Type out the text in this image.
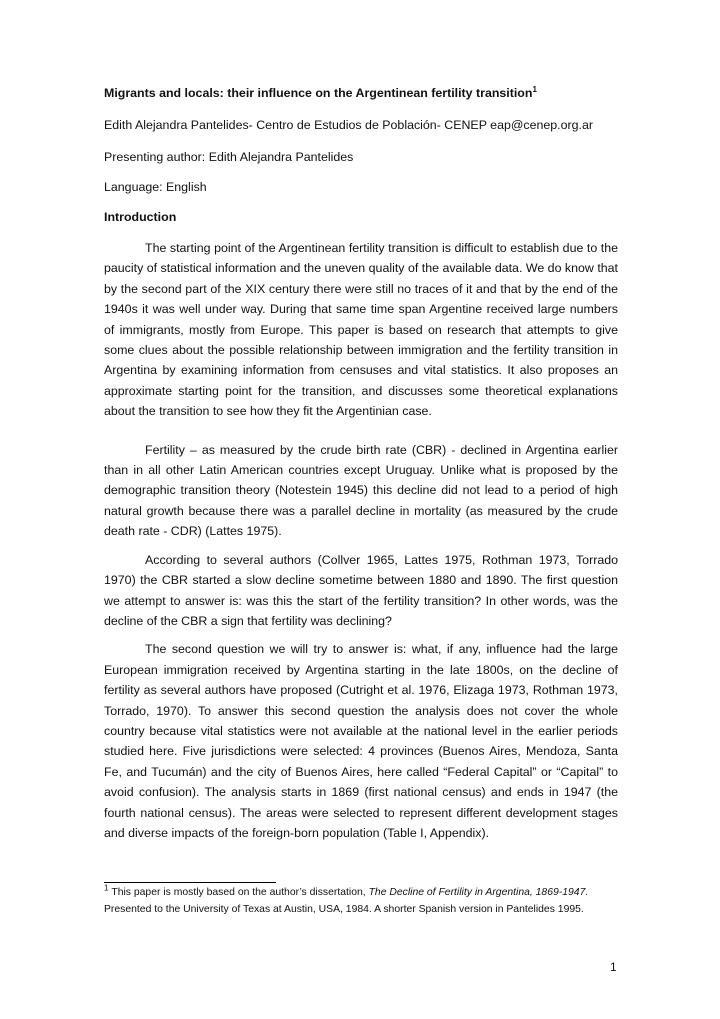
Migrants and locals: their influence on the Argentinean fertility transition$^1$
Edith Alejandra Pantelides- Centro de Estudios de Población- CENEP eap@cenep.org.ar
Presenting author: Edith Alejandra Pantelides
Language: English
Introduction

The starting point of the Argentinean fertility transition is difficult to establish due to the paucity of statistical information and the uneven quality of the available data. We do know that by the second part of the XIX century there were still no traces of it and that by the end of the 1940s it was well under way. During that same time span Argentine received large numbers of immigrants, mostly from Europe. This paper is based on research that attempts to give some clues about the possible relationship between immigration and the fertility transition in Argentina by examining information from censuses and vital statistics. It also proposes an approximate starting point for the transition, and discusses some theoretical explanations about the transition to see how they fit the Argentinian case.

Fertility – as measured by the crude birth rate (CBR) - declined in Argentina earlier than in all other Latin American countries except Uruguay. Unlike what is proposed by the demographic transition theory (Notestein 1945) this decline did not lead to a period of high natural growth because there was a parallel decline in mortality (as measured by the crude death rate - CDR) (Lattes 1975).

According to several authors (Collver 1965, Lattes 1975, Rothman 1973, Torrado 1970) the CBR started a slow decline sometime between 1880 and 1890. The first question we attempt to answer is: was this the start of the fertility transition? In other words, was the decline of the CBR a sign that fertility was declining?

The second question we will try to answer is: what, if any, influence had the large European immigration received by Argentina starting in the late 1800s, on the decline of fertility as several authors have proposed (Cutright et al. 1976, Elizaga 1973, Rothman 1973, Torrado, 1970). To answer this second question the analysis does not cover the whole country because vital statistics were not available at the national level in the earlier periods studied here. Five jurisdictions were selected: 4 provinces (Buenos Aires, Mendoza, Santa Fe, and Tucumán) and the city of Buenos Aires, here called “Federal Capital” or “Capital” to avoid confusion). The analysis starts in 1869 (first national census) and ends in 1947 (the fourth national census). The areas were selected to represent different development stages and diverse impacts of the foreign-born population (Table I, Appendix).

$^1$ This paper is mostly based on the author’s dissertation, The Decline of Fertility in Argentina, 1869-1947. Presented to the University of Texas at Austin, USA, 1984. A shorter Spanish version in Pantelides 1995.
1
